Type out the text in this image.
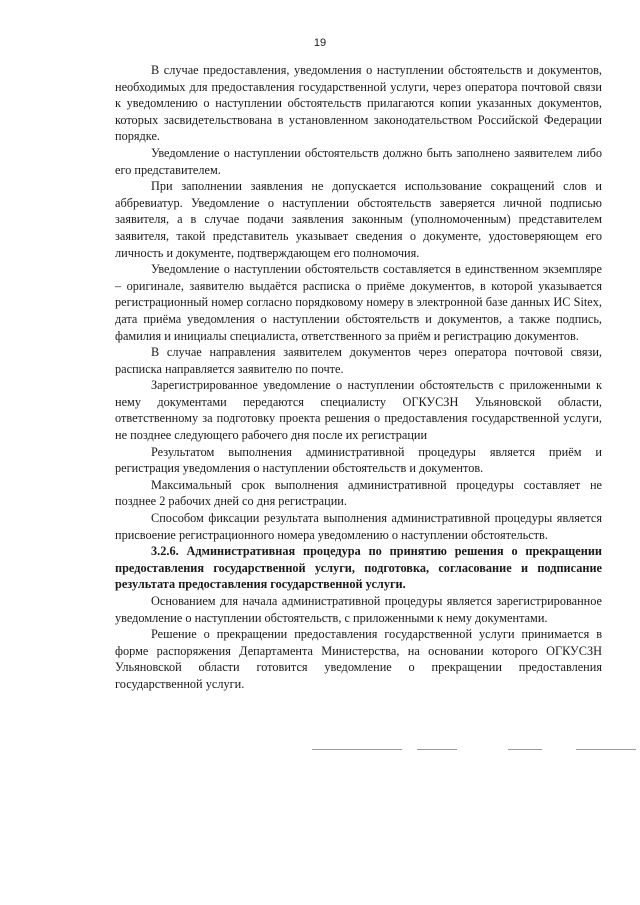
19

В случае предоставления, уведомления о наступлении обстоятельств и документов, необходимых для предоставления государственной услуги, через оператора почтовой связи к уведомлению о наступлении обстоятельств прилагаются копии указанных документов, которых засвидетельствована в установленном законодательством Российской Федерации порядке.

Уведомление о наступлении обстоятельств должно быть заполнено заявителем либо его представителем.

При заполнении заявления не допускается использование сокращений слов и аббревиатур. Уведомление о наступлении обстоятельств заверяется личной подписью заявителя, а в случае подачи заявления законным (уполномоченным) представителем заявителя, такой представитель указывает сведения о документе, удостоверяющем его личность и документе, подтверждающем его полномочия.

Уведомление о наступлении обстоятельств составляется в единственном экземпляре – оригинале, заявителю выдаётся расписка о приёме документов, в которой указывается регистрационный номер согласно порядковому номеру в электронной базе данных ИС Sitex, дата приёма уведомления о наступлении обстоятельств и документов, а также подпись, фамилия и инициалы специалиста, ответственного за приём и регистрацию документов.

В случае направления заявителем документов через оператора почтовой связи, расписка направляется заявителю по почте.

Зарегистрированное уведомление о наступлении обстоятельств с приложенными к нему документами передаются специалисту ОГКУСЗН Ульяновской области, ответственному за подготовку проекта решения о предоставления государственной услуги, не позднее следующего рабочего дня после их регистрации

Результатом выполнения административной процедуры является приём и регистрация уведомления о наступлении обстоятельств и документов.

Максимальный срок выполнения административной процедуры составляет не позднее 2 рабочих дней со дня регистрации.

Способом фиксации результата выполнения административной процедуры является присвоение регистрационного номера уведомлению о наступлении обстоятельств.

3.2.6. Административная процедура по принятию решения о прекращении предоставления государственной услуги, подготовка, согласование и подписание результата предоставления государственной услуги.

Основанием для начала административной процедуры является зарегистрированное уведомление о наступлении обстоятельств, с приложенными к нему документами.

Решение о прекращении предоставления государственной услуги принимается в форме распоряжения Департамента Министерства, на основании которого ОГКУСЗН Ульяновской области готовится уведомление о прекращении предоставления государственной услуги.
